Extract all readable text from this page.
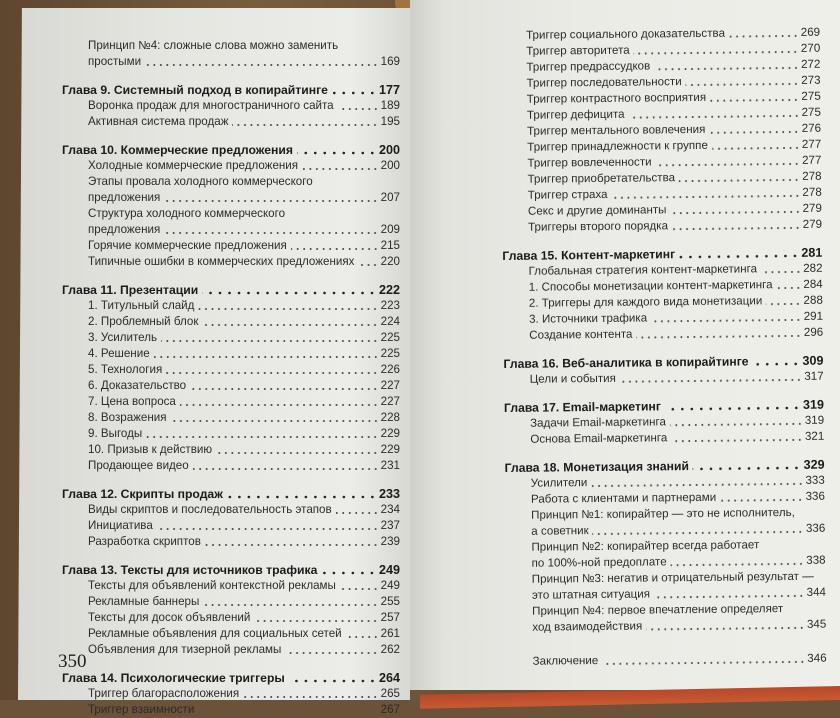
Принцип №4: сложные слова можно заменить
простыми	169
Глава 9. Системный подход в копирайтинге	177
Воронка продаж для многостраничного сайта	189
Активная система продаж	195
Глава 10. Коммерческие предложения	200
Холодные коммерческие предложения	200
Этапы провала холодного коммерческого
предложения	207
Структура холодного коммерческого
предложения	209
Горячие коммерческие предложения	215
Типичные ошибки в коммерческих предложениях 220
Глава 11. Презентации	222
1. Титульный слайд	223
2. Проблемный блок	224
3. Усилитель	225
4. Решение	225
5. Технология	226
6. Доказательство	227
7. Цена вопроса	227
8. Возражения	228
9. Выгоды	229
10. Призыв к действию	229
Продающее видео	231
Глава 12. Скрипты продаж	233
Виды скриптов и последовательность этапов	234
Инициатива	237
Разработка скриптов	239
Глава 13. Тексты для источников трафика	249
Тексты для объявлений контекстной рекламы	249
Рекламные баннеры	255
Тексты для досок объявлений	257
Рекламные объявления для социальных сетей	261
Объявления для тизерной рекламы	262
Глава 14. Психологические триггеры	264
Триггер благорасположения	265
Триггер взаимности	267
Триггер социального доказательства	269
Триггер авторитета	270
Триггер предрассудков	272
Триггер последовательности	273
Триггер контрастного восприятия	275
Триггер дефицита	275
Триггер ментального вовлечения	276
Триггер принадлежности к группе	277
Триггер вовлеченности	277
Триггер приобретательства	278
Триггер страха	278
Секс и другие доминанты	279
Триггеры второго порядка	279
Глава 15. Контент-маркетинг	281
Глобальная стратегия контент-маркетинга	282
1. Способы монетизации контент-маркетинга	284
2. Триггеры для каждого вида монетизации	288
3. Источники трафика	291
Создание контента	296
Глава 16. Веб-аналитика в копирайтинге	309
Цели и события	317
Глава 17. Email-маркетинг	319
Задачи Email-маркетинга	319
Основа Email-маркетинга	321
Глава 18. Монетизация знаний	329
Усилители	333
Работа с клиентами и партнерами	336
Принцип №1: копирайтер — это не исполнитель,
а советник	336
Принцип №2: копирайтер всегда работает
по 100%-ной предоплате	338
Принцип №3: негатив и отрицательный результат —
это штатная ситуация	344
Принцип №4: первое впечатление определяет
ход взаимодействия	345
Заключение	346
350
